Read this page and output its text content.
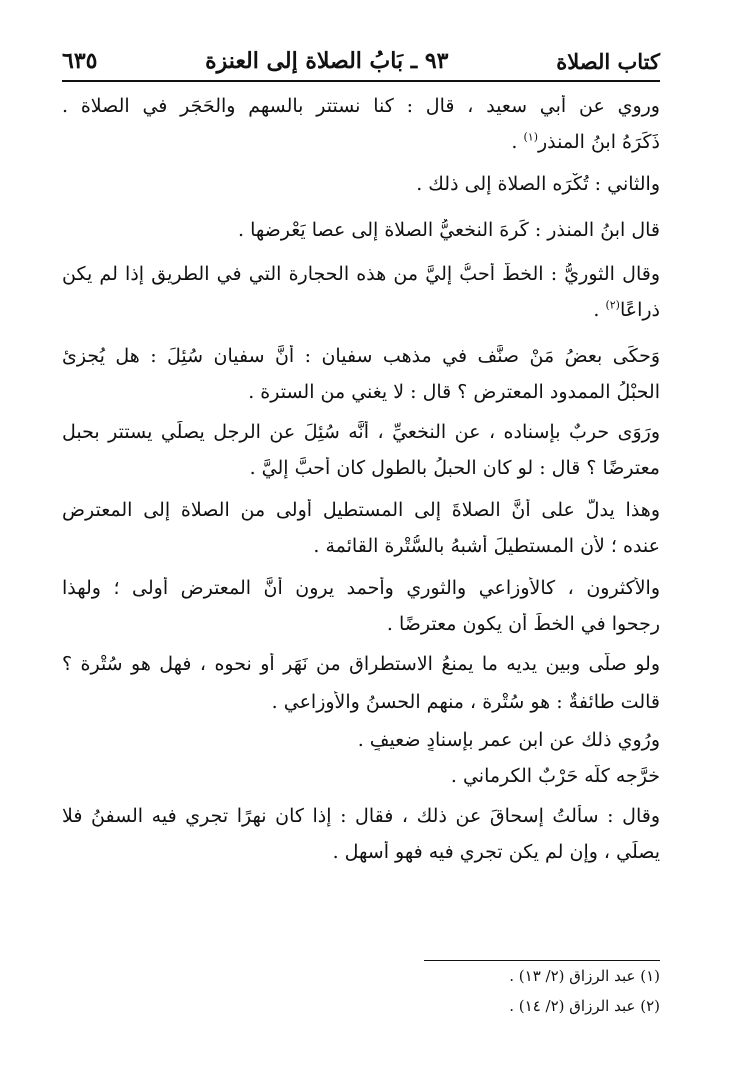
كتاب الصلاة
٩٣ ـ بَابُ الصلاة إلى العنزة
٦٣٥
وروي عن أبي سعيد ، قال : كنا نستتر بالسهم والحَجَر في الصلاة .
ذَكَرَهُ ابنُ المنذر$^{(١)}$ .
والثاني : تُكْرَه الصلاة إلى ذلك .
قال ابنُ المنذر : كَرِهَ النخعيُّ الصلاة إلى عصا يَعْرِضها .
وقال الثوريُّ : الخطُّ أحبُّ إليَّ من هذه الحجارة التي في الطريق إذا لم يكن
ذراعًا$^{(٢)}$ .
وَحكَى بعضُ مَنْ صنَّف في مذهب سفيان : أنَّ سفيان سُئِلَ : هل يُجزئ
الحبْلُ الممدود المعترض ؟ قال : لا يغني من السترة .
ورَوَى حربٌ بإسناده ، عن النخعيِّ ، أنَّه سُئِلَ عن الرجل يصلِّي يستتر بحبل
معترضًا ؟ قال : لو كان الحبلُ بالطول كان أحبَّ إليَّ .
وهذا يدلُّ على أنَّ الصلاةَ إلى المستطيل أولى من الصلاة إلى المعترض
عنده ؛ لأن المستطيلَ أشبهُ بالسُّتْرة القائمة .
والأكثرون ، كالأوزاعي والثوري وأحمد يرون أنَّ المعترض أولى ؛ ولهذا
رجحوا في الخطِّ أن يكون معترضًا .
ولو صلَّى وبين يديه ما يمنعُ الاستطراق من نَهَرٍ أو نحوه ، فهل هو سُتْرة ؟
قالت طائفةٌ : هو سُتْرة ، منهم الحسنُ والأوزاعي .
ورُوي ذلك عن ابنِ عمر بإسنادٍ ضعيفٍ .
خرَّجه كلَّه حَرْبٌ الكرماني .
وقال : سألتُ إسحاقَ عن ذلك ، فقال : إذا كان نهرًا تجري فيه السفنُ فلا
يصلِّي ، وإن لم يكن تجري فيه فهو أسهل .
(١) عبد الرزاق (٢/ ١٣) .
(٢) عبد الرزاق (٢/ ١٤) .
